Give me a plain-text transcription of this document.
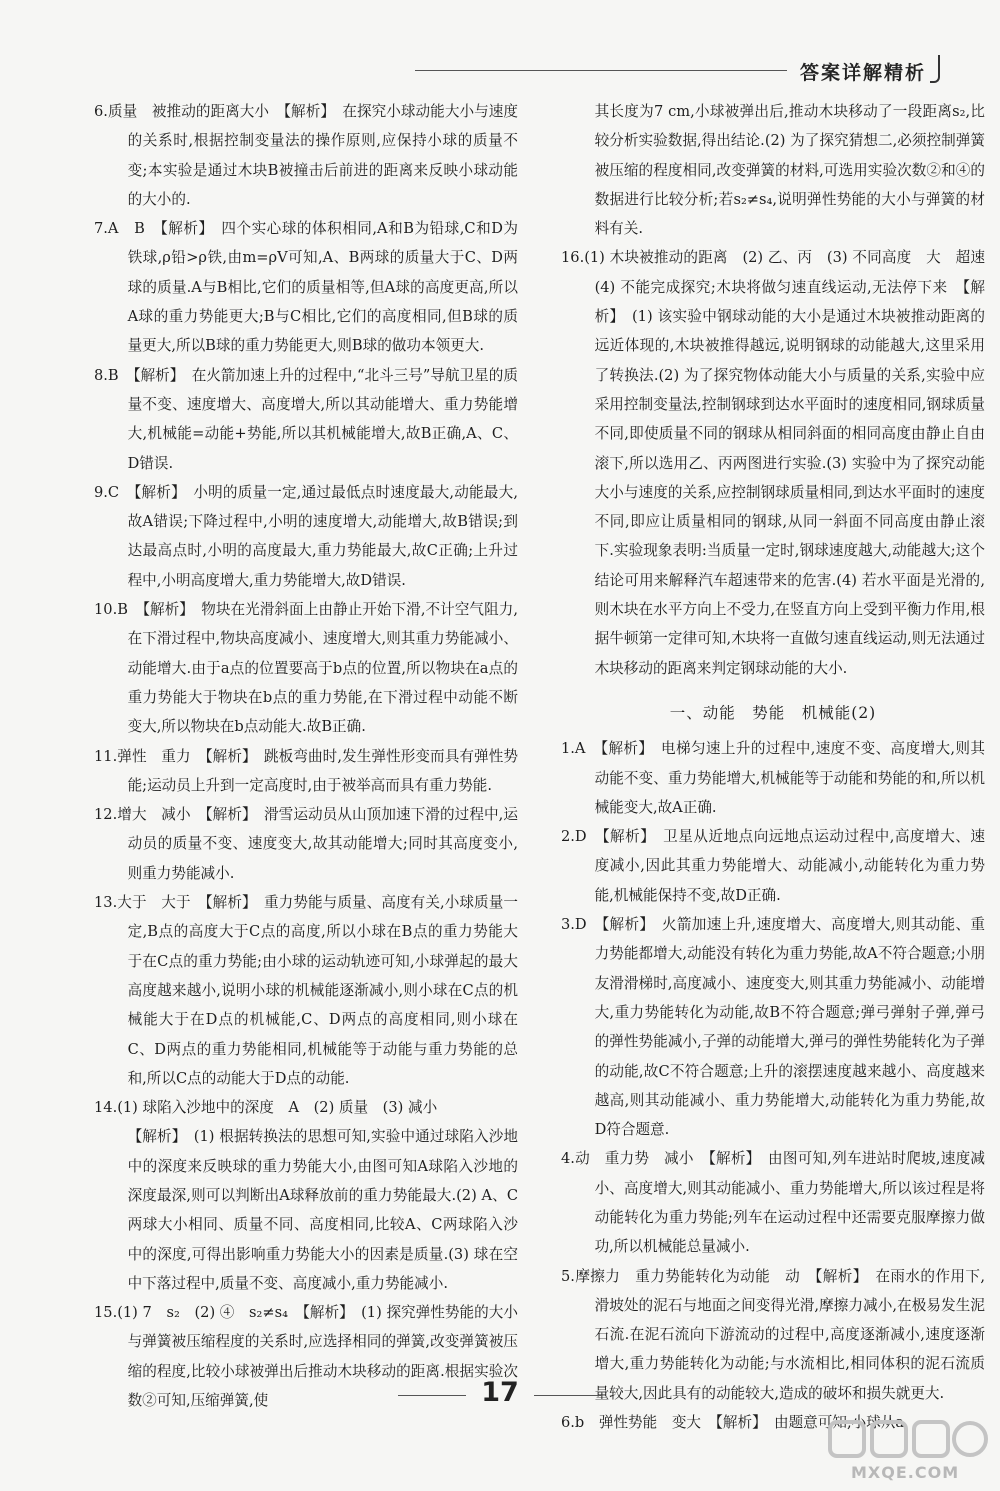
答案详解精析

6.质量　被推动的距离大小　【解析】　在探究小球动能大小与速度的关系时,根据控制变量法的操作原则,应保持小球的质量不变;本实验是通过木块B被撞击后前进的距离来反映小球动能的大小的.

7.A　B　【解析】　四个实心球的体积相同,A和B为铅球,C和D为铁球,ρ铅>ρ铁,由m=ρV可知,A、B两球的质量大于C、D两球的质量.A与B相比,它们的质量相等,但A球的高度更高,所以A球的重力势能更大;B与C相比,它们的高度相同,但B球的质量更大,所以B球的重力势能更大,则B球的做功本领更大.

8.B　【解析】　在火箭加速上升的过程中,“北斗三号”导航卫星的质量不变、速度增大、高度增大,所以其动能增大、重力势能增大,机械能=动能+势能,所以其机械能增大,故B正确,A、C、D错误.

9.C　【解析】　小明的质量一定,通过最低点时速度最大,动能最大,故A错误;下降过程中,小明的速度增大,动能增大,故B错误;到达最高点时,小明的高度最大,重力势能最大,故C正确;上升过程中,小明高度增大,重力势能增大,故D错误.

10.B　【解析】　物块在光滑斜面上由静止开始下滑,不计空气阻力,在下滑过程中,物块高度减小、速度增大,则其重力势能减小、动能增大.由于a点的位置要高于b点的位置,所以物块在a点的重力势能大于物块在b点的重力势能,在下滑过程中动能不断变大,所以物块在b点动能大.故B正确.

11.弹性　重力　【解析】　跳板弯曲时,发生弹性形变而具有弹性势能;运动员上升到一定高度时,由于被举高而具有重力势能.

12.增大　减小　【解析】　滑雪运动员从山顶加速下滑的过程中,运动员的质量不变、速度变大,故其动能增大;同时其高度变小,则重力势能减小.

13.大于　大于　【解析】　重力势能与质量、高度有关,小球质量一定,B点的高度大于C点的高度,所以小球在B点的重力势能大于在C点的重力势能;由小球的运动轨迹可知,小球弹起的最大高度越来越小,说明小球的机械能逐渐减小,则小球在C点的机械能大于在D点的机械能,C、D两点的高度相同,则小球在C、D两点的重力势能相同,机械能等于动能与重力势能的总和,所以C点的动能大于D点的动能.

14.(1) 球陷入沙地中的深度　A　(2) 质量　(3) 减小

【解析】　(1) 根据转换法的思想可知,实验中通过球陷入沙地中的深度来反映球的重力势能大小,由图可知A球陷入沙地的深度最深,则可以判断出A球释放前的重力势能最大.(2) A、C两球大小相同、质量不同、高度相同,比较A、C两球陷入沙中的深度,可得出影响重力势能大小的因素是质量.(3) 球在空中下落过程中,质量不变、高度减小,重力势能减小.

15.(1) 7　s₂　(2) ④　s₂≠s₄　【解析】　(1) 探究弹性势能的大小与弹簧被压缩程度的关系时,应选择相同的弹簧,改变弹簧被压缩的程度,比较小球被弹出后推动木块移动的距离.根据实验次数②可知,压缩弹簧,使

其长度为7 cm,小球被弹出后,推动木块移动了一段距离s₂,比较分析实验数据,得出结论.(2) 为了探究猜想二,必须控制弹簧被压缩的程度相同,改变弹簧的材料,可选用实验次数②和④的数据进行比较分析;若s₂≠s₄,说明弹性势能的大小与弹簧的材料有关.

16.(1) 木块被推动的距离　(2) 乙、丙　(3) 不同高度　大　超速　(4) 不能完成探究;木块将做匀速直线运动,无法停下来　【解析】　(1) 该实验中钢球动能的大小是通过木块被推动距离的远近体现的,木块被推得越远,说明钢球的动能越大,这里采用了转换法.(2) 为了探究物体动能大小与质量的关系,实验中应采用控制变量法,控制钢球到达水平面时的速度相同,钢球质量不同,即使质量不同的钢球从相同斜面的相同高度由静止自由滚下,所以选用乙、丙两图进行实验.(3) 实验中为了探究动能大小与速度的关系,应控制钢球质量相同,到达水平面时的速度不同,即应让质量相同的钢球,从同一斜面不同高度由静止滚下.实验现象表明:当质量一定时,钢球速度越大,动能越大;这个结论可用来解释汽车超速带来的危害.(4) 若水平面是光滑的,则木块在水平方向上不受力,在竖直方向上受到平衡力作用,根据牛顿第一定律可知,木块将一直做匀速直线运动,则无法通过木块移动的距离来判定钢球动能的大小.

一、动能　势能　机械能(2)

1.A　【解析】　电梯匀速上升的过程中,速度不变、高度增大,则其动能不变、重力势能增大,机械能等于动能和势能的和,所以机械能变大,故A正确.

2.D　【解析】　卫星从近地点向远地点运动过程中,高度增大、速度减小,因此其重力势能增大、动能减小,动能转化为重力势能,机械能保持不变,故D正确.

3.D　【解析】　火箭加速上升,速度增大、高度增大,则其动能、重力势能都增大,动能没有转化为重力势能,故A不符合题意;小朋友滑滑梯时,高度减小、速度变大,则其重力势能减小、动能增大,重力势能转化为动能,故B不符合题意;弹弓弹射子弹,弹弓的弹性势能减小,子弹的动能增大,弹弓的弹性势能转化为子弹的动能,故C不符合题意;上升的滚摆速度越来越小、高度越来越高,则其动能减小、重力势能增大,动能转化为重力势能,故D符合题意.

4.动　重力势　减小　【解析】　由图可知,列车进站时爬坡,速度减小、高度增大,则其动能减小、重力势能增大,所以该过程是将动能转化为重力势能;列车在运动过程中还需要克服摩擦力做功,所以机械能总量减小.

5.摩擦力　重力势能转化为动能　动　【解析】　在雨水的作用下,滑坡处的泥石与地面之间变得光滑,摩擦力减小,在极易发生泥石流.在泥石流向下游流动的过程中,高度逐渐减小,速度逐渐增大,重力势能转化为动能;与水流相比,相同体积的泥石流质量较大,因此具有的动能较大,造成的破坏和损失就更大.

6.b　弹性势能　变大　【解析】　由题意可知,小球从a

17
MXQE.COM
